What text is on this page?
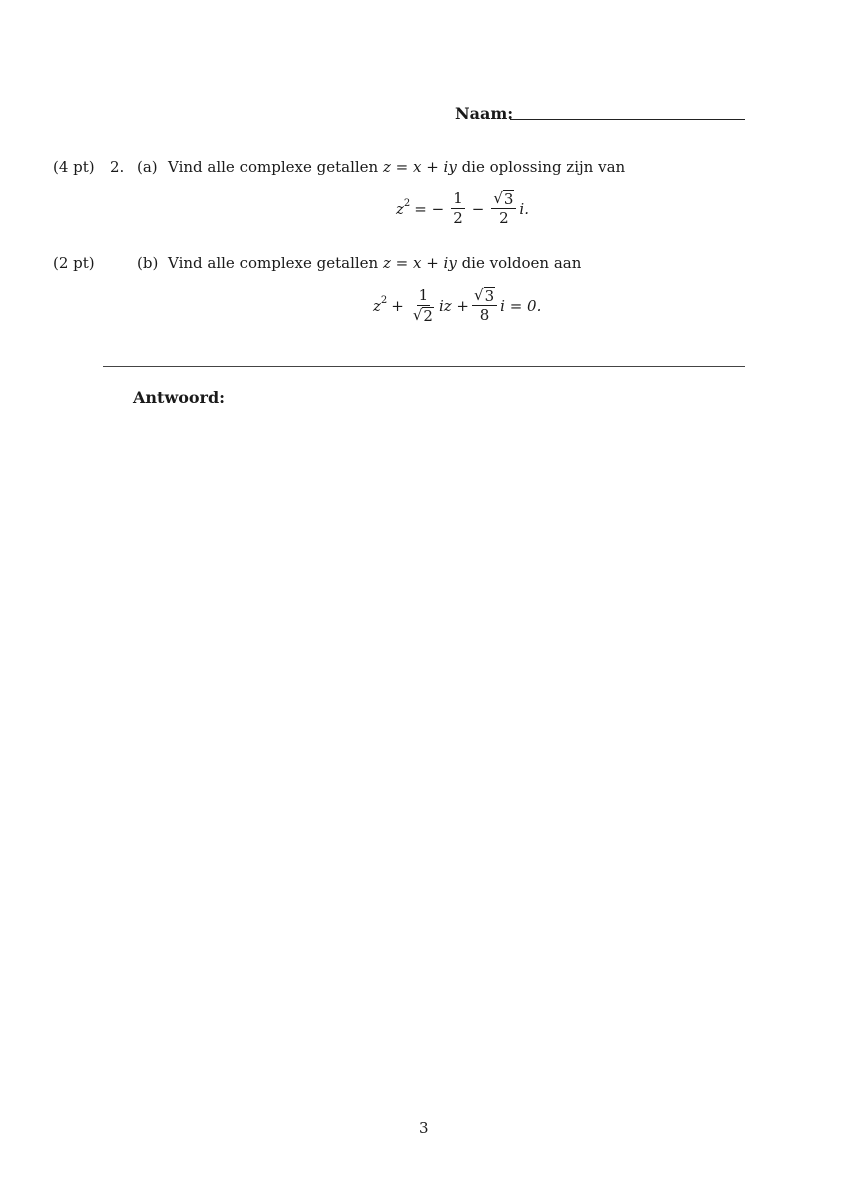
Naam:
(4 pt) 2. (a) Vind alle complexe getallen z = x + iy die oplossing zijn van
z 2 = − $\frac{1}{2} - \frac{√ 3}{2} i$.
(2 pt)	(b) Vind alle complexe getallen z = x + iy die voldoen aan
z $2 + \frac{1}{√ 2}$ iz + $\frac{√ 3}{8}$ i = 0.
Antwoord:
3
